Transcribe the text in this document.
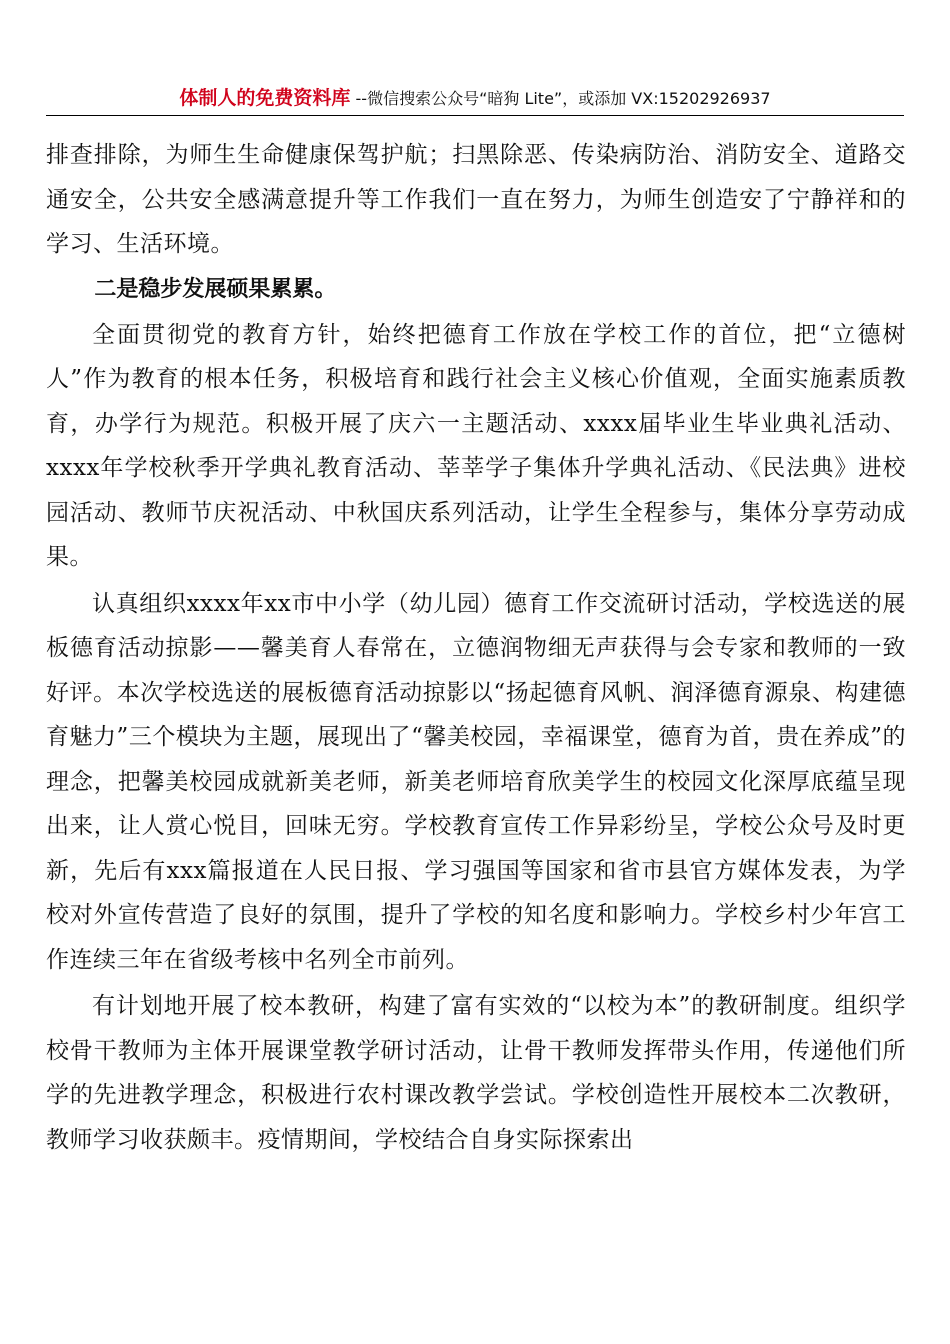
体制人的免费资料库 --微信搜索公众号“暗狗 Lite”，或添加 VX:15202926937

排查排除，为师生生命健康保驾护航；扫黑除恶、传染病防治、消防安全、道路交通安全，公共安全感满意提升等工作我们一直在努力，为师生创造安了宁静祥和的学习、生活环境。

二是稳步发展硕果累累。

全面贯彻党的教育方针，始终把德育工作放在学校工作的首位，把“立德树人”作为教育的根本任务，积极培育和践行社会主义核心价值观，全面实施素质教育，办学行为规范。积极开展了庆六一主题活动、xxxx届毕业生毕业典礼活动、xxxx年学校秋季开学典礼教育活动、莘莘学子集体升学典礼活动、《民法典》进校园活动、教师节庆祝活动、中秋国庆系列活动，让学生全程参与，集体分享劳动成果。

认真组织xxxx年xx市中小学（幼儿园）德育工作交流研讨活动，学校选送的展板德育活动掠影——馨美育人春常在，立德润物细无声获得与会专家和教师的一致好评。本次学校选送的展板德育活动掠影以“扬起德育风帆、润泽德育源泉、构建德育魅力”三个模块为主题，展现出了“馨美校园，幸福课堂，德育为首，贵在养成”的理念，把馨美校园成就新美老师，新美老师培育欣美学生的校园文化深厚底蕴呈现出来，让人赏心悦目，回味无穷。学校教育宣传工作异彩纷呈，学校公众号及时更新，先后有xxx篇报道在人民日报、学习强国等国家和省市县官方媒体发表，为学校对外宣传营造了良好的氛围，提升了学校的知名度和影响力。学校乡村少年宫工作连续三年在省级考核中名列全市前列。

有计划地开展了校本教研，构建了富有实效的“以校为本”的教研制度。组织学校骨干教师为主体开展课堂教学研讨活动，让骨干教师发挥带头作用，传递他们所学的先进教学理念，积极进行农村课改教学尝试。学校创造性开展校本二次教研，教师学习收获颇丰。疫情期间，学校结合自身实际探索出
